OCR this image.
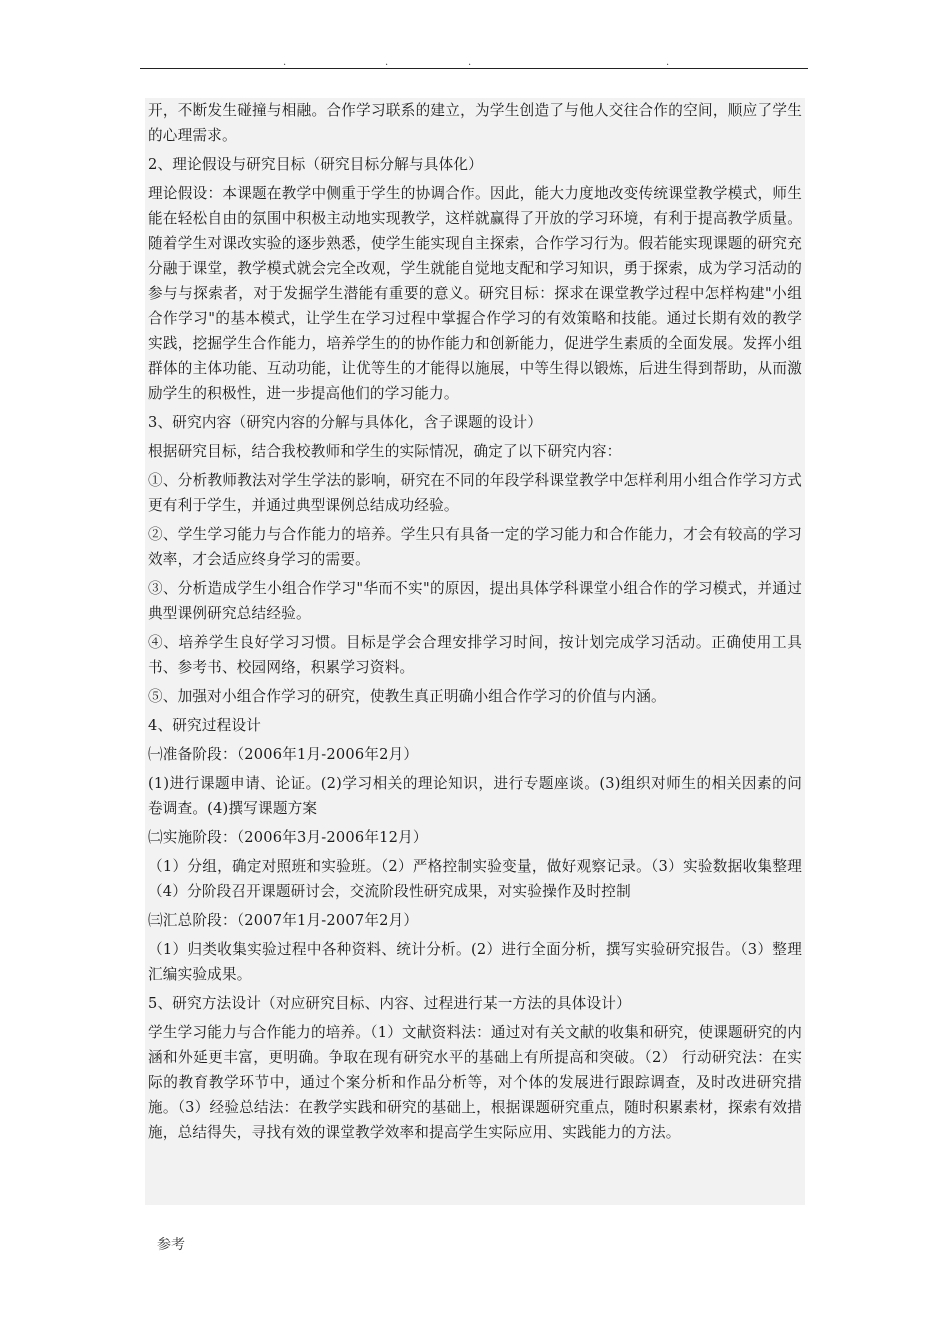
.	.	.	.

开，不断发生碰撞与相融。合作学习联系的建立，为学生创造了与他人交往合作的空间，顺应了学生的心理需求。

2、理论假设与研究目标（研究目标分解与具体化）

理论假设：本课题在教学中侧重于学生的协调合作。因此，能大力度地改变传统课堂教学模式，师生能在轻松自由的氛围中积极主动地实现教学，这样就赢得了开放的学习环境，有利于提高教学质量。随着学生对课改实验的逐步熟悉，使学生能实现自主探索，合作学习行为。假若能实现课题的研究充分融于课堂，教学模式就会完全改观，学生就能自觉地支配和学习知识，勇于探索，成为学习活动的参与与探索者，对于发掘学生潜能有重要的意义。研究目标：探求在课堂教学过程中怎样构建"小组合作学习"的基本模式，让学生在学习过程中掌握合作学习的有效策略和技能。通过长期有效的教学实践，挖掘学生合作能力，培养学生的的协作能力和创新能力，促进学生素质的全面发展。发挥小组群体的主体功能、互动功能，让优等生的才能得以施展，中等生得以锻炼，后进生得到帮助，从而激励学生的积极性，进一步提高他们的学习能力。

3、研究内容（研究内容的分解与具体化，含子课题的设计）

根据研究目标，结合我校教师和学生的实际情况，确定了以下研究内容：

①、分析教师教法对学生学法的影响，研究在不同的年段学科课堂教学中怎样利用小组合作学习方式更有利于学生，并通过典型课例总结成功经验。

②、学生学习能力与合作能力的培养。学生只有具备一定的学习能力和合作能力，才会有较高的学习效率，才会适应终身学习的需要。

③、分析造成学生小组合作学习"华而不实"的原因，提出具体学科课堂小组合作的学习模式，并通过典型课例研究总结经验。

④、培养学生良好学习习惯。目标是学会合理安排学习时间，按计划完成学习活动。正确使用工具书、参考书、校园网络，积累学习资料。

⑤、加强对小组合作学习的研究，使教生真正明确小组合作学习的价值与内涵。

4、研究过程设计

㈠准备阶段：（2006年1月-2006年2月）

(1)进行课题申请、论证。(2)学习相关的理论知识，进行专题座谈。(3)组织对师生的相关因素的问卷调查。(4)撰写课题方案

㈡实施阶段：（2006年3月-2006年12月）

（1）分组，确定对照班和实验班。（2）严格控制实验变量，做好观察记录。（3）实验数据收集整理（4）分阶段召开课题研讨会，交流阶段性研究成果，对实验操作及时控制

㈢汇总阶段：（2007年1月-2007年2月）

（1）归类收集实验过程中各种资料、统计分析。(2）进行全面分析，撰写实验研究报告。（3）整理汇编实验成果。

5、研究方法设计（对应研究目标、内容、过程进行某一方法的具体设计）

学生学习能力与合作能力的培养。（1）文献资料法：通过对有关文献的收集和研究，使课题研究的内涵和外延更丰富，更明确。争取在现有研究水平的基础上有所提高和突破。（2） 行动研究法：在实际的教育教学环节中，通过个案分析和作品分析等，对个体的发展进行跟踪调查，及时改进研究措施。（3）经验总结法：在教学实践和研究的基础上，根据课题研究重点，随时积累素材，探索有效措施，总结得失，寻找有效的课堂教学效率和提高学生实际应用、实践能力的方法。

参考
